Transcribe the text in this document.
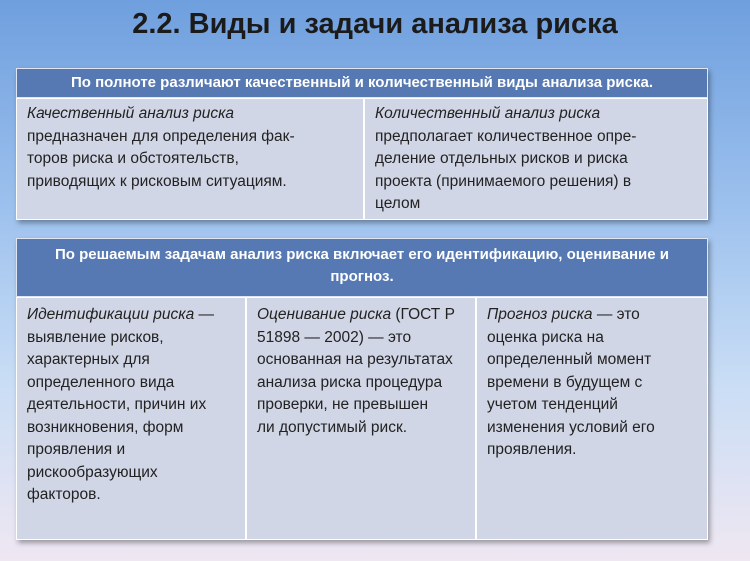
2.2. Виды и задачи анализа риска
По полноте различают качественный и количественный виды анализа риска.
Качественный анализ риска
предназначен для определения фак-
торов риска и обстоятельств,
приводящих к рисковым ситуациям.
Количественный анализ риска
предполагает количественное опре-
деление отдельных рисков и риска
проекта (принимаемого решения) в
целом
По решаемым задачам анализ риска включает его идентификацию, оценивание и
прогноз.
Идентификации риска —
выявление рисков,
характерных для
определенного вида
деятельности, причин их
возникновения, форм
проявления и
рискообразующих
факторов.
Оценивание риска (ГОСТ Р
51898 — 2002) — это
основанная на результатах
анализа риска процедура
проверки, не превышен
ли допустимый риск.
Прогноз риска — это
оценка риска на
определенный момент
времени в будущем с
учетом тенденций
изменения условий его
проявления.
